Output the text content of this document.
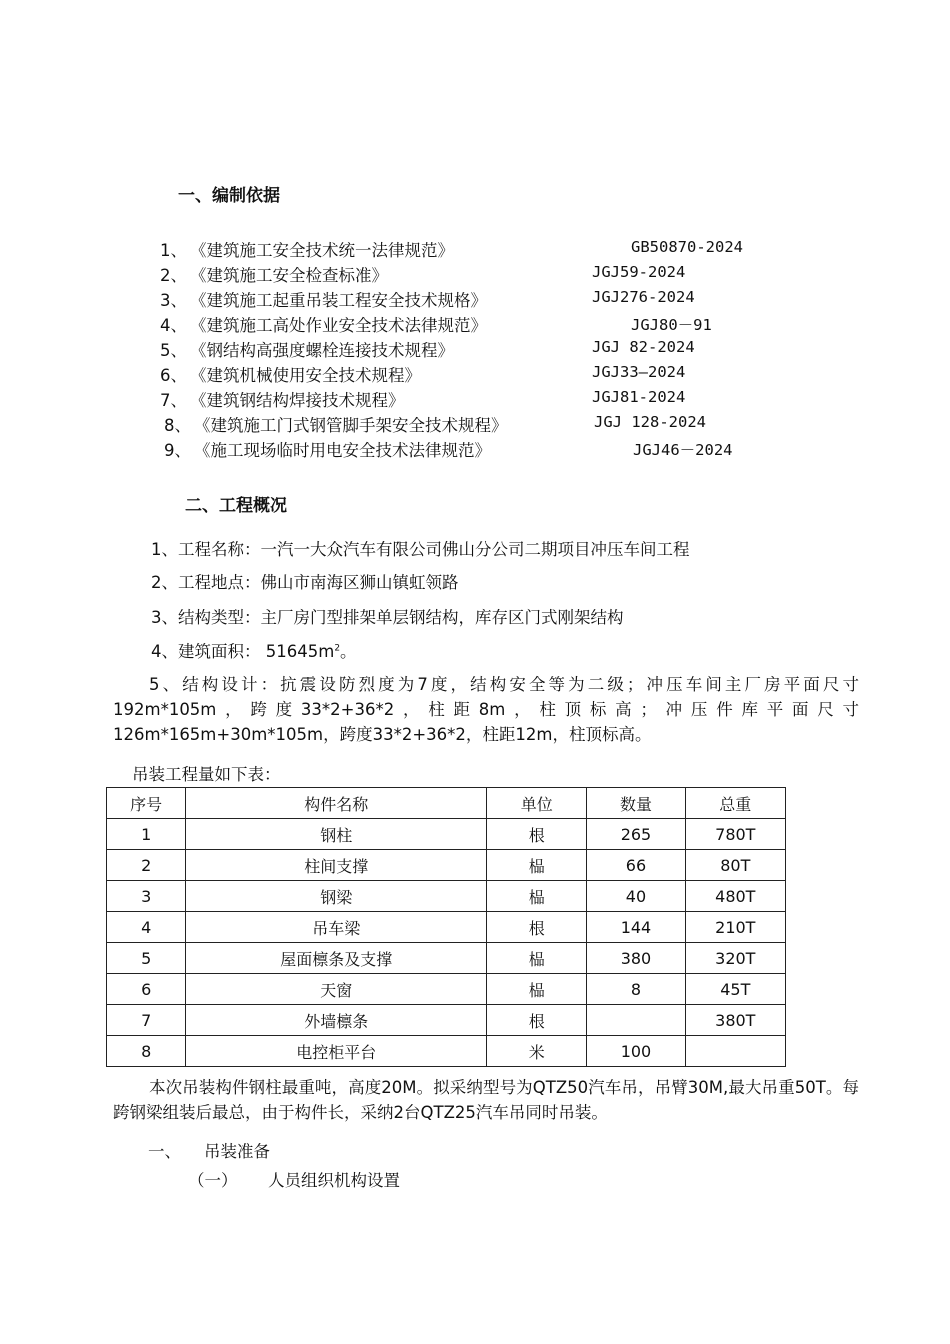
一、编制依据
1、 《建筑施工安全技术统一法律规范》	GB50870-2024
2、 《建筑施工安全检查标准》	JGJ59-2024
3、 《建筑施工起重吊装工程安全技术规格》	JGJ276-2024
4、 《建筑施工高处作业安全技术法律规范》	JGJ80－91
5、 《钢结构高强度螺栓连接技术规程》	JGJ 82-2024
6、 《建筑机械使用安全技术规程》	JGJ33—2024
7、 《建筑钢结构焊接技术规程》	JGJ81-2024
8、 《建筑施工门式钢管脚手架安全技术规程》	JGJ 128-2024
9、 《施工现场临时用电安全技术法律规范》	JGJ46－2024
二、工程概况
1、工程名称：一汽一大众汽车有限公司佛山分公司二期项目冲压车间工程
2、工程地点：佛山市南海区狮山镇虹领路
3、结构类型：主厂房门型排架单层钢结构，库存区门式刚架结构
4、建筑面积： $51645m^2$。
5、结构设计：抗震设防烈度为7度，结构安全等为二级；冲压车间主厂房平面尺寸192m*105m，跨度33*2+36*2，柱距8m，柱顶标高；冲压件库平面尺寸126m*165m+30m*105m，跨度33*2+36*2，柱距12m，柱顶标高。
吊装工程量如下表：
序号	构件名称	单位	数量	总重
1	钢柱	根	265	780T
2	柱间支撑	榀	66	80T
3	钢梁	榀	40	480T
4	吊车梁	根	144	210T
5	屋面檩条及支撑	榀	380	320T
6	天窗	榀	8	45T
7	外墙檩条	根		380T
8	电控柜平台	米	100	
本次吊装构件钢柱最重吨，高度20M。拟采纳型号为QTZ50汽车吊，吊臂30M,最大吊重50T。每跨钢梁组装后最总，由于构件长，采纳2台QTZ25汽车吊同时吊装。
一、 吊装准备
（一） 人员组织机构设置
